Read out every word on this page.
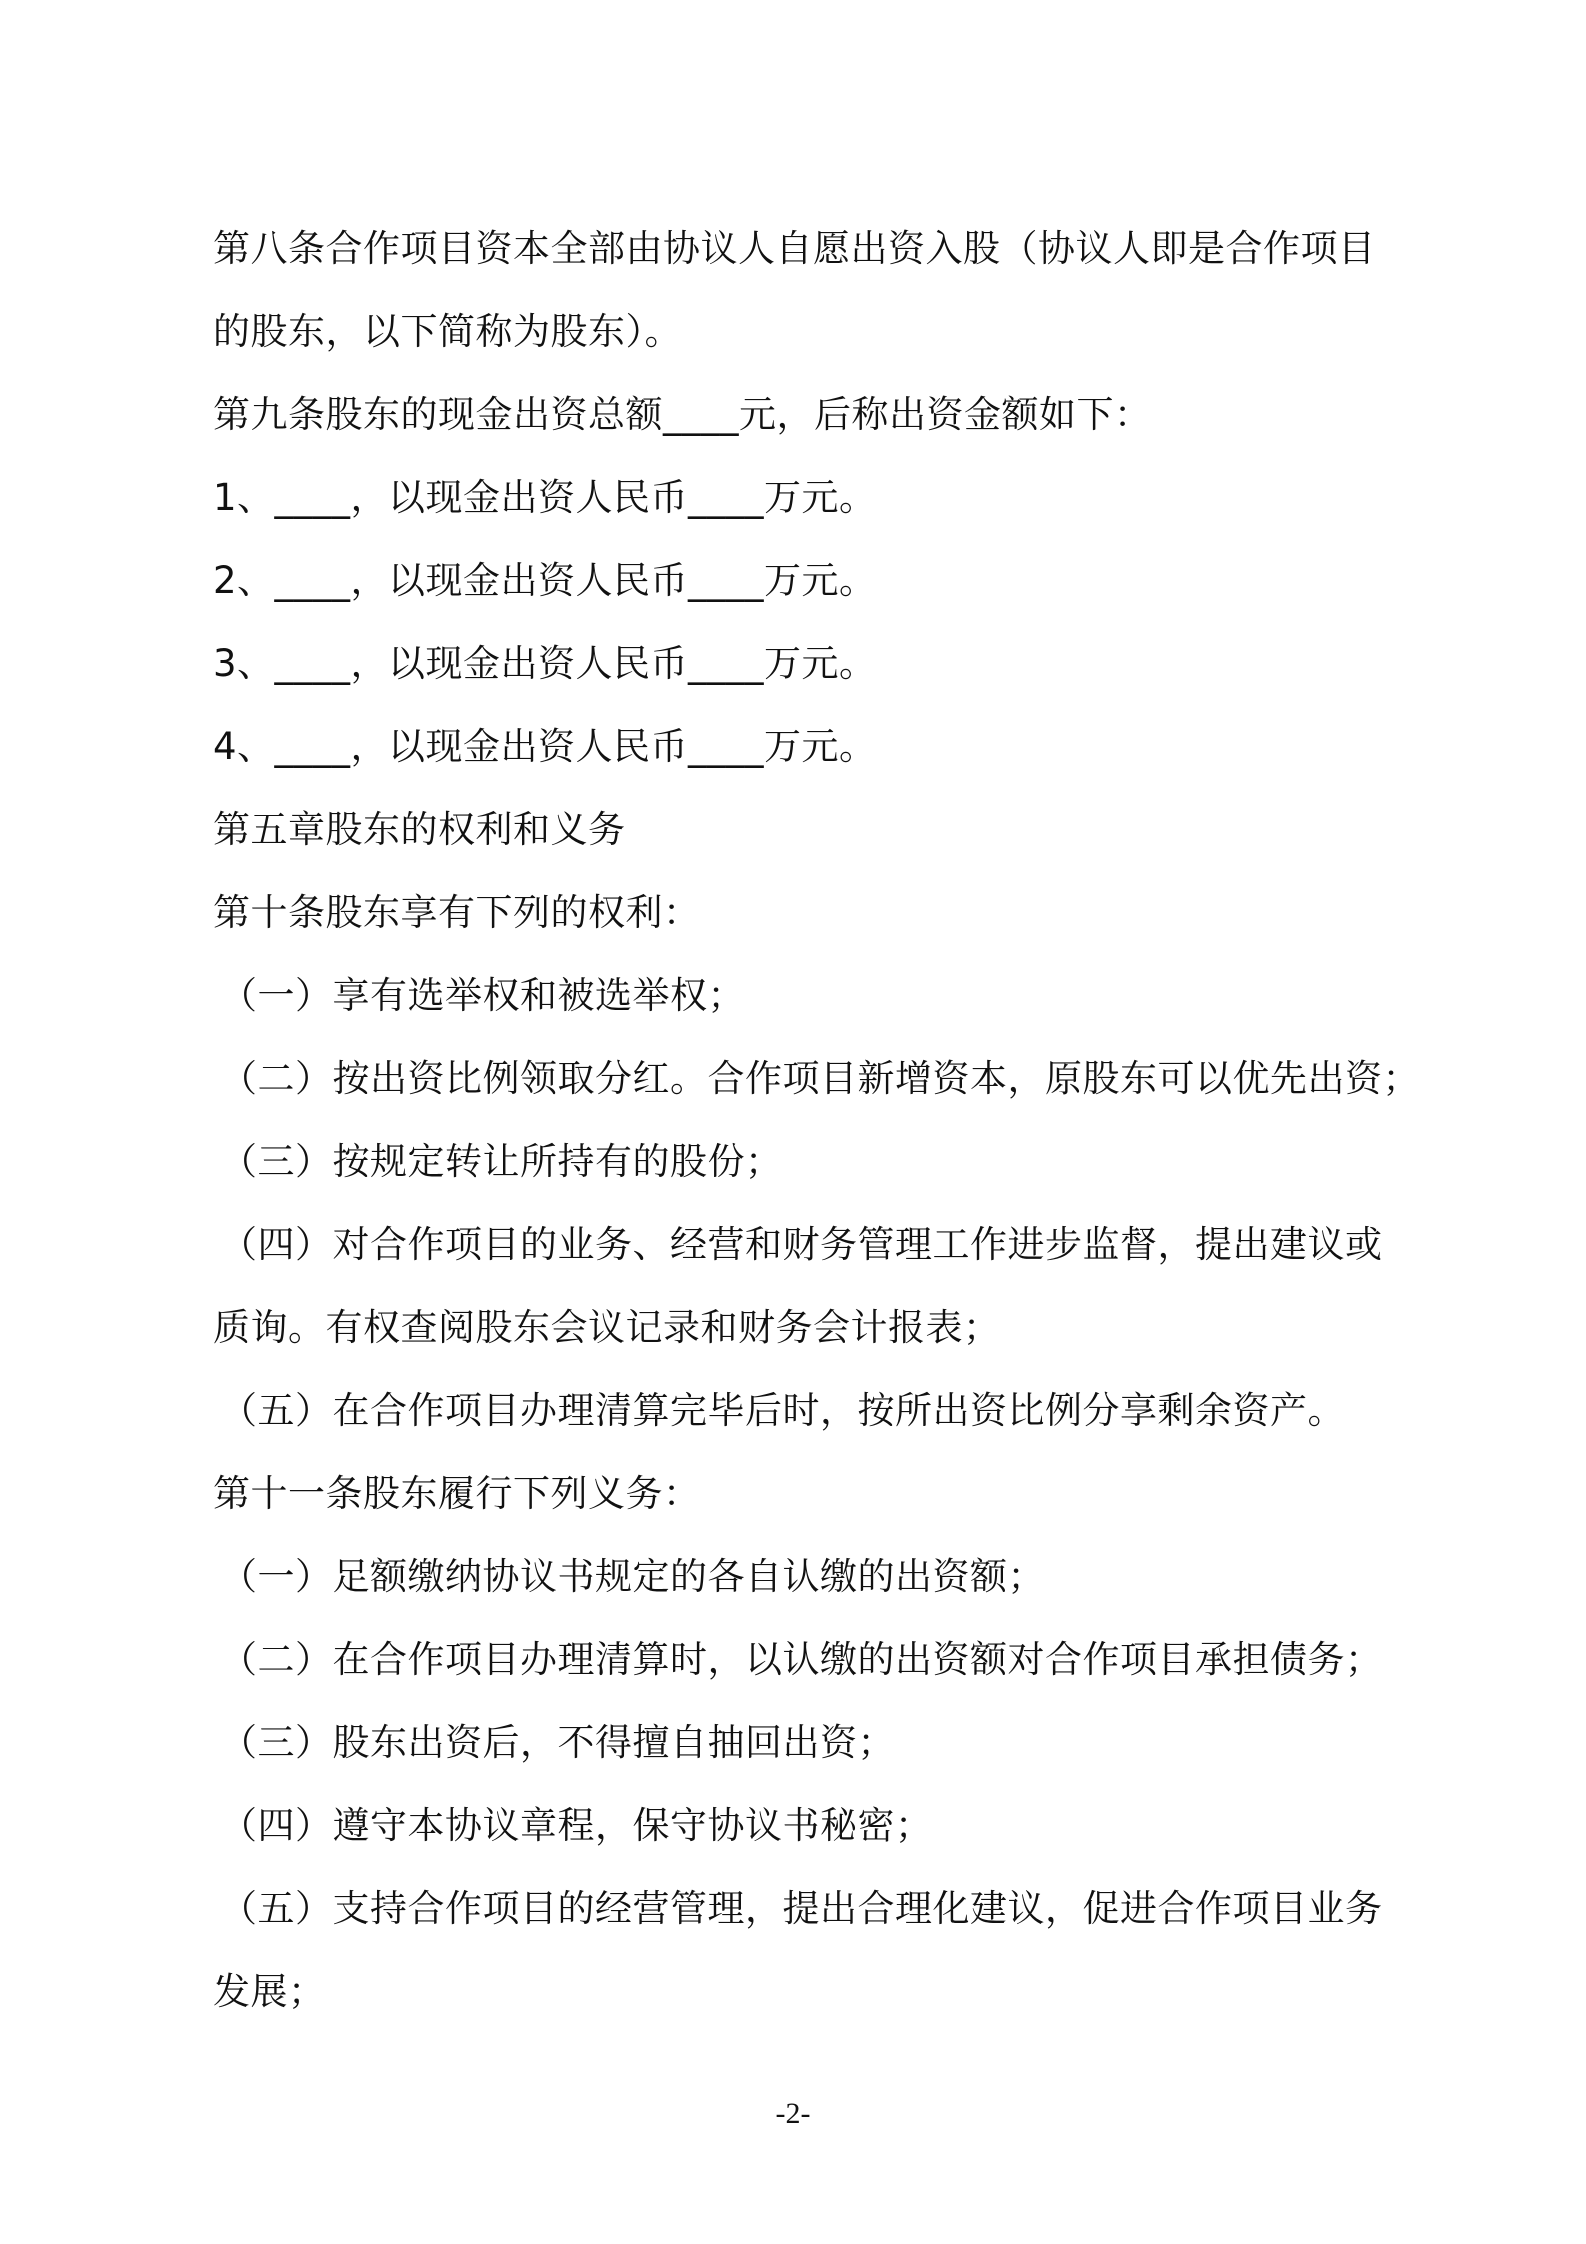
第八条合作项目资本全部由协议人自愿出资入股（协议人即是合作项目
的股东，以下简称为股东）。
第九条股东的现金出资总额____元，后称出资金额如下：
1、____，以现金出资人民币____万元。
2、____，以现金出资人民币____万元。
3、____，以现金出资人民币____万元。
4、____，以现金出资人民币____万元。
第五章股东的权利和义务
第十条股东享有下列的权利：
（一）享有选举权和被选举权；
（二）按出资比例领取分红。合作项目新增资本，原股东可以优先出资；
（三）按规定转让所持有的股份；
（四）对合作项目的业务、经营和财务管理工作进步监督，提出建议或
质询。有权查阅股东会议记录和财务会计报表；
（五）在合作项目办理清算完毕后时，按所出资比例分享剩余资产。
第十一条股东履行下列义务：
（一）足额缴纳协议书规定的各自认缴的出资额；
（二）在合作项目办理清算时，以认缴的出资额对合作项目承担债务；
（三）股东出资后，不得擅自抽回出资；
（四）遵守本协议章程，保守协议书秘密；
（五）支持合作项目的经营管理，提出合理化建议，促进合作项目业务
发展；
-2-
